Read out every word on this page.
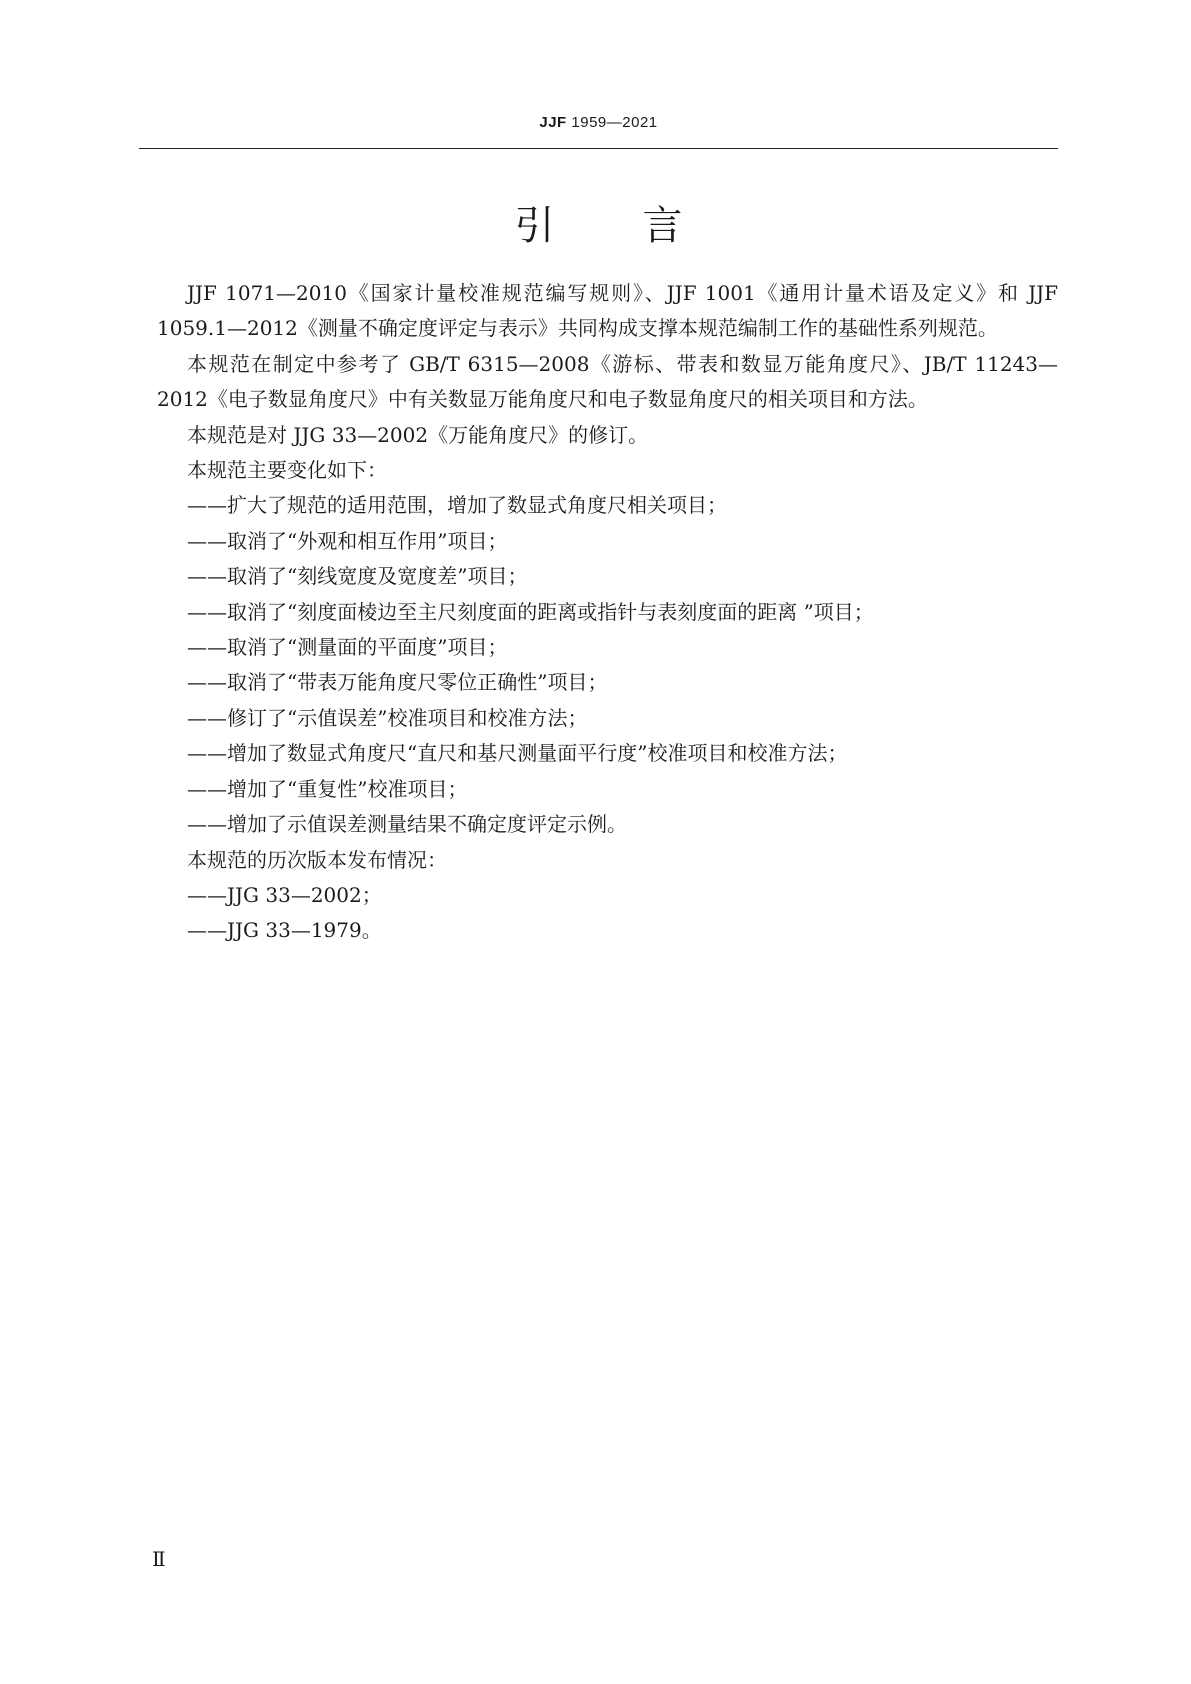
JJF 1959—2021
引言

JJF 1071—2010《国家计量校准规范编写规则》、JJF 1001《通用计量术语及定义》和 JJF 1059.1—2012《测量不确定度评定与表示》共同构成支撑本规范编制工作的基础性系列规范。

本规范在制定中参考了 GB/T 6315—2008《游标、带表和数显万能角度尺》、JB/T 11243—2012《电子数显角度尺》中有关数显万能角度尺和电子数显角度尺的相关项目和方法。

本规范是对 JJG 33—2002《万能角度尺》的修订。

本规范主要变化如下：

——扩大了规范的适用范围，增加了数显式角度尺相关项目；

——取消了“外观和相互作用”项目；

——取消了“刻线宽度及宽度差”项目；

——取消了“刻度面棱边至主尺刻度面的距离或指针与表刻度面的距离 ”项目；

——取消了“测量面的平面度”项目；

——取消了“带表万能角度尺零位正确性”项目；

——修订了“示值误差”校准项目和校准方法；

——增加了数显式角度尺“直尺和基尺测量面平行度”校准项目和校准方法；

——增加了“重复性”校准项目；

——增加了示值误差测量结果不确定度评定示例。

本规范的历次版本发布情况：

——JJG 33—2002；

——JJG 33—1979。

Ⅱ
